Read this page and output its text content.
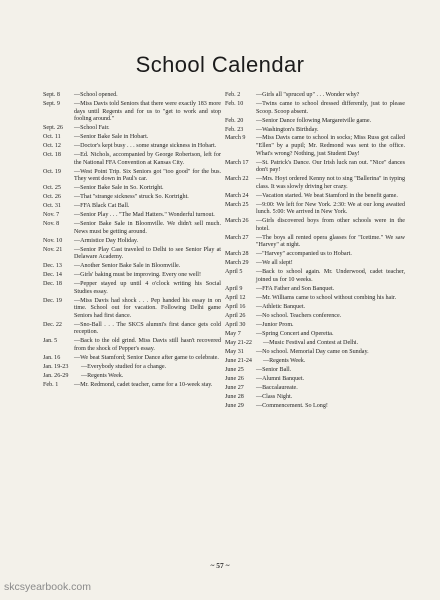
School Calendar
Sept. 8	—School opened.
Sept. 9	—Miss Davis told Seniors that there were exactly 183 more days until Regents and for us to "get to work and stop fooling around."
Sept. 26	—School Fair.
Oct. 11	—Senior Bake Sale in Hobart.
Oct. 12	—Doctor's kept busy . . . some strange sickness in Hobart.
Oct. 18	—Ed. Nichols, accompanied by George Robertson, left for the National FFA Convention at Kansas City.
Oct. 19	—West Point Trip. Six Seniors got "too good" for the bus. They went down in Paul's car.
Oct. 25	—Senior Bake Sale in So. Kortright.
Oct. 26	—That "strange sickness" struck So. Kortright.
Oct. 31	—FFA Black Cat Ball.
Nov. 7	—Senior Play . . . "The Mad Hatters." Wonderful turnout.
Nov. 8	—Senior Bake Sale in Bloomville. We didn't sell much. News must be getting around.
Nov. 10	—Armistice Day Holiday.
Nov. 21	—Senior Play Cast traveled to Delhi to see Senior Play at Delaware Academy.
Dec. 13	—Another Senior Bake Sale in Bloomville.
Dec. 14	—Girls' baking must be improving. Every one well!
Dec. 18	—Pepper stayed up until 4 o'clock writing his Social Studies essay.
Dec. 19	—Miss Davis had shock . . . Pep handed his essay in on time. School out for vacation. Following Delhi game Seniors had first dance.
Dec. 22	—Sno-Ball . . . The SKCS alumni's first dance gets cold reception.
Jan. 5	—Back to the old grind. Miss Davis still hasn't recovered from the shock of Pepper's essay.
Jan. 16	—We beat Stamford; Senior Dance after game to celebrate.
Jan. 19-23	—Everybody studied for a change.
Jan. 26-29	—Regents Week.
Feb. 1	—Mr. Redmond, cadet teacher, came for a 10-week stay.
Feb. 2	—Girls all "spruced up" . . . Wonder why?
Feb. 10	—Twins came to school dressed differently, just to please Scoop. Scoop absent.
Feb. 20	—Senior Dance following Margaretville game.
Feb. 23	—Washington's Birthday.
March 9	—Miss Davis came to school in socks; Miss Russ got called "Ellen" by a pupil; Mr. Redmond was sent to the office. What's wrong? Nothing, just Student Day!
March 17	—St. Patrick's Dance. Our Irish luck ran out. "Nice" dances don't pay!
March 22	—Mrs. Hoyt ordered Kenny not to sing "Ballerina" in typing class. It was slowly driving her crazy.
March 24	—Vacation started. We beat Stamford in the benefit game.
March 25	—9:00: We left for New York. 2:30: We at our long awaited lunch. 5:00: We arrived in New York.
March 26	—Girls discovered boys from other schools were in the hotel.
March 27	—The boys all rented opera glasses for "Icetime." We saw "Harvey" at night.
March 28	—"Harvey" accompanied us to Hobart.
March 29	—We all slept!
April 5	—Back to school again. Mr. Underwood, cadet teacher, joined us for 10 weeks.
April 9	—FFA Father and Son Banquet.
April 12	—Mr. Williams came to school without combing his hair.
April 16	—Athletic Banquet.
April 26	—No school. Teachers conference.
April 30	—Junior Prom.
May 7	—Spring Concert and Operetta.
May 21-22	—Music Festival and Contest at Delhi.
May 31	—No school. Memorial Day came on Sunday.
June 21-24	—Regents Week.
June 25	—Senior Ball.
June 26	—Alumni Banquet.
June 27	—Baccalaureate.
June 28	—Class Night.
June 29	—Commencement. So Long!
~ 57 ~
skcsyearbook.com
